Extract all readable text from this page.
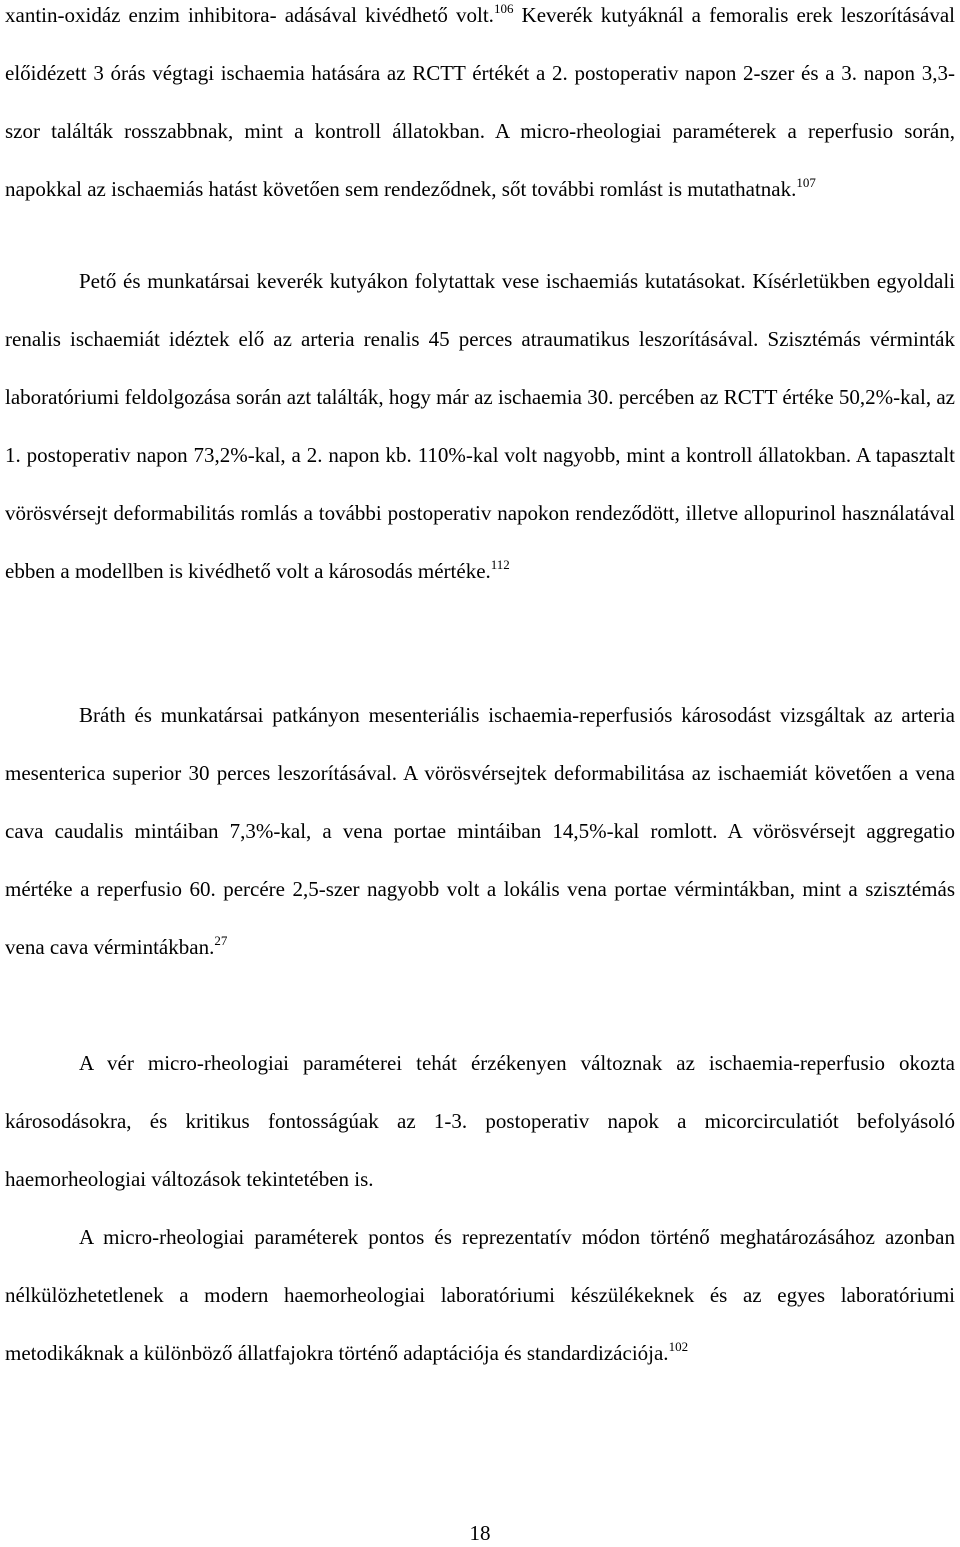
xantin-oxidáz enzim inhibitora- adásával kivédhető volt.$^{106}$ Keverék kutyáknál a femoralis erek leszorításával előidézett 3 órás végtagi ischaemia hatására az RCTT értékét a 2. postoperativ napon 2-szer és a 3. napon 3,3-szor találták rosszabbnak, mint a kontroll állatokban. A micro-rheologiai paraméterek a reperfusio során, napokkal az ischaemiás hatást követően sem rendeződnek, sőt további romlást is mutathatnak.$^{107}$

Pető és munkatársai keverék kutyákon folytattak vese ischaemiás kutatásokat. Kísérletükben egyoldali renalis ischaemiát idéztek elő az arteria renalis 45 perces atraumatikus leszorításával. Szisztémás vérminták laboratóriumi feldolgozása során azt találták, hogy már az ischaemia 30. percében az RCTT értéke 50,2%-kal, az 1. postoperativ napon 73,2%-kal, a 2. napon kb. 110%-kal volt nagyobb, mint a kontroll állatokban. A tapasztalt vörösvérsejt deformabilitás romlás a további postoperativ napokon rendeződött, illetve allopurinol használatával ebben a modellben is kivédhető volt a károsodás mértéke.$^{112}$

Bráth és munkatársai patkányon mesenteriális ischaemia-reperfusiós károsodást vizsgáltak az arteria mesenterica superior 30 perces leszorításával. A vörösvérsejtek deformabilitása az ischaemiát követően a vena cava caudalis mintáiban 7,3%-kal, a vena portae mintáiban 14,5%-kal romlott. A vörösvérsejt aggregatio mértéke a reperfusio 60. percére 2,5-szer nagyobb volt a lokális vena portae vérmintákban, mint a szisztémás vena cava vérmintákban.$^{27}$

A vér micro-rheologiai paraméterei tehát érzékenyen változnak az ischaemia-reperfusio okozta károsodásokra, és kritikus fontosságúak az 1-3. postoperativ napok a micorcirculatiót befolyásoló haemorheologiai változások tekintetében is.

A micro-rheologiai paraméterek pontos és reprezentatív módon történő meghatározásához azonban nélkülözhetetlenek a modern haemorheologiai laboratóriumi készülékeknek és az egyes laboratóriumi metodikáknak a különböző állatfajokra történő adaptációja és standardizációja.$^{102}$

18
